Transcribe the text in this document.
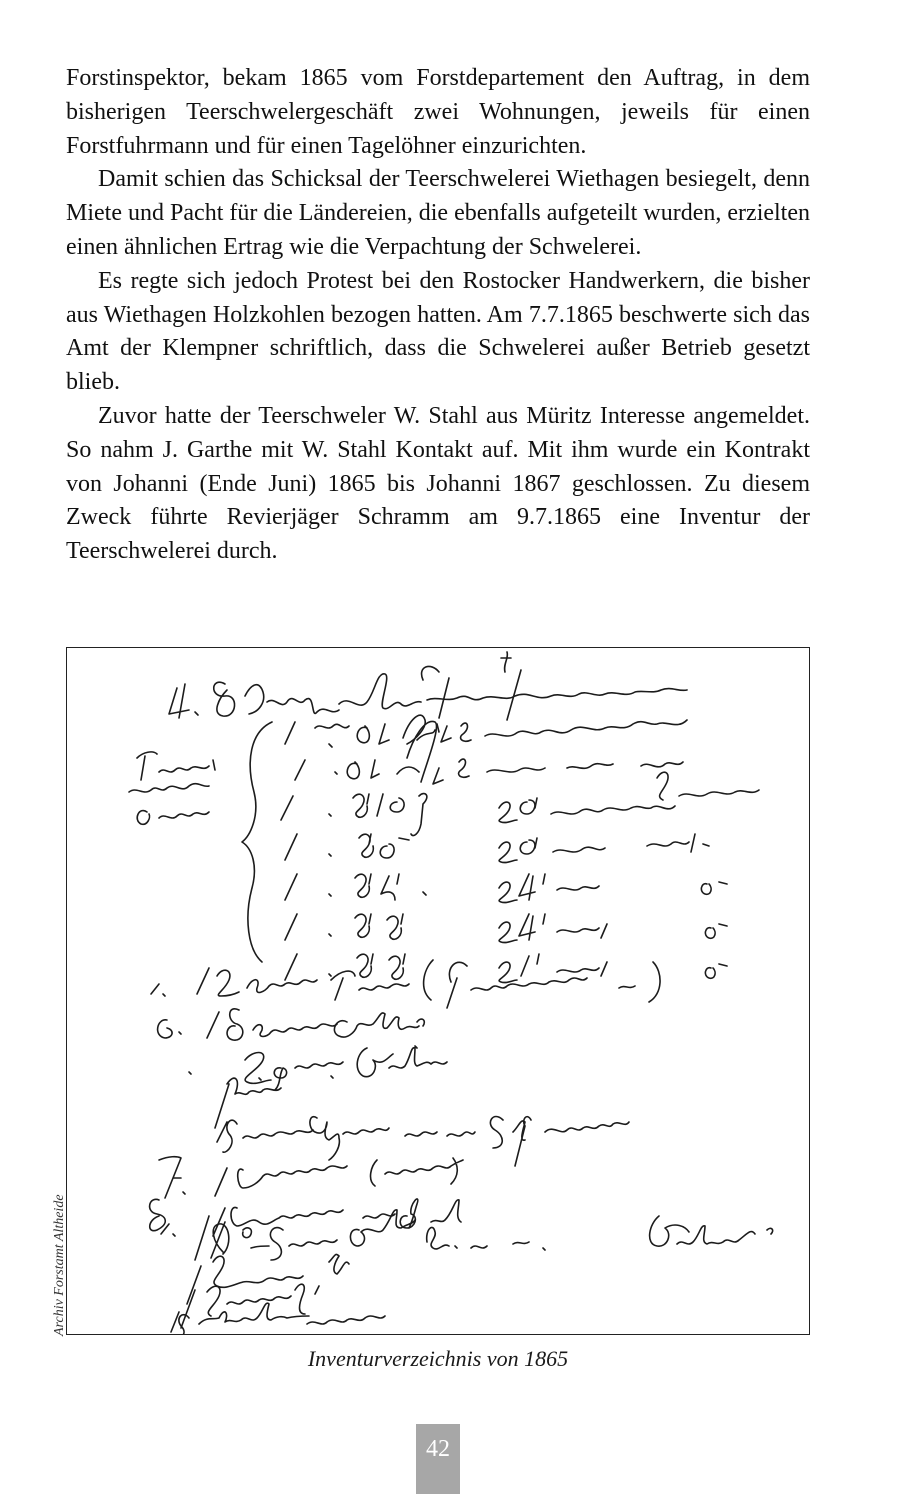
Forstinspektor, bekam 1865 vom Forstdepartement den Auftrag, in dem bisherigen Teerschwelergeschäft zwei Wohnungen, jeweils für einen Forstfuhrmann und für einen Tagelöhner einzurichten.

Damit schien das Schicksal der Teerschwelerei Wiethagen besiegelt, denn Miete und Pacht für die Ländereien, die ebenfalls aufgeteilt wurden, erzielten einen ähnlichen Ertrag wie die Verpachtung der Schwelerei.

Es regte sich jedoch Protest bei den Rostocker Handwerkern, die bisher aus Wiethagen Holzkohlen bezogen hatten. Am 7.7.1865 beschwerte sich das Amt der Klempner schriftlich, dass die Schwelerei außer Betrieb gesetzt blieb.

Zuvor hatte der Teerschweler W. Stahl aus Müritz Interesse angemeldet. So nahm J. Garthe mit W. Stahl Kontakt auf. Mit ihm wurde ein Kontrakt von Johanni (Ende Juni) 1865 bis Johanni 1867 geschlossen. Zu diesem Zweck führte Revierjäger Schramm am 9.7.1865 eine Inventur der Teerschwelerei durch.

Archiv Forstamt Altheide
Inventurverzeichnis von 1865
42
